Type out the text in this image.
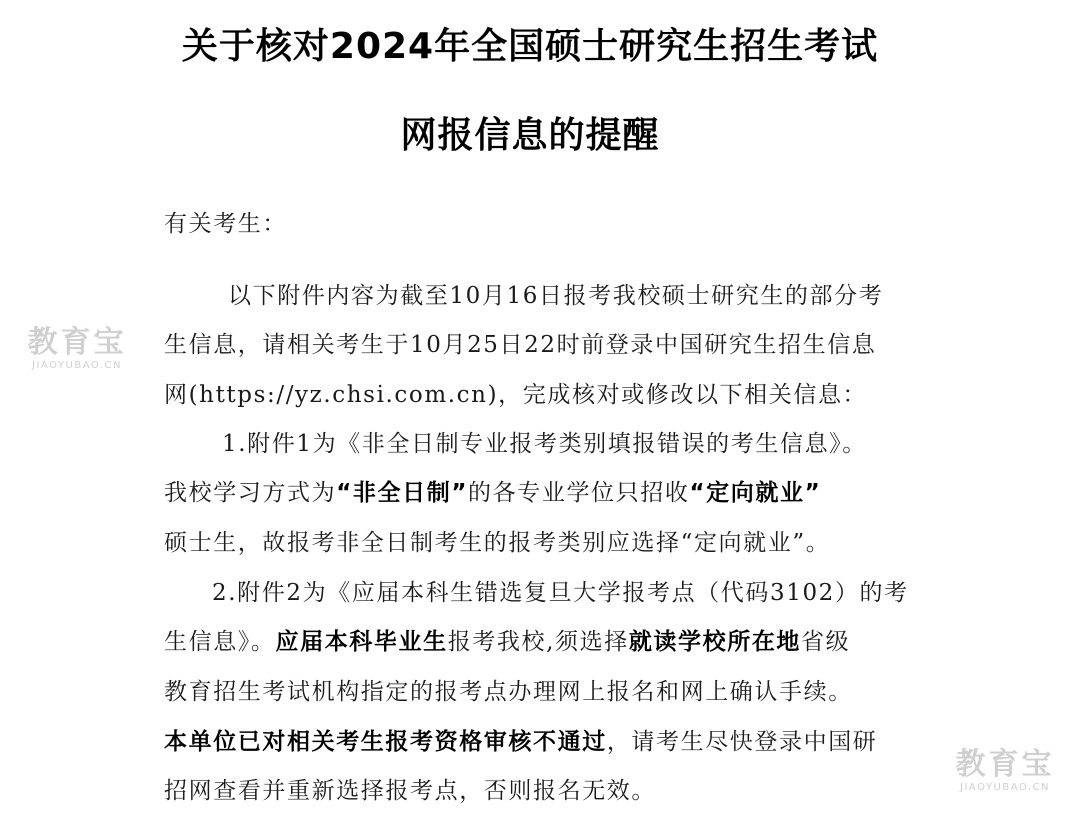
关于核对2024年全国硕士研究生招生考试
网报信息的提醒
有关考生：
以下附件内容为截至10月16日报考我校硕士研究生的部分考
生信息，请相关考生于10月25日22时前登录中国研究生招生信息
网(https://yz.chsi.com.cn)，完成核对或修改以下相关信息：
1.附件1为《非全日制专业报考类别填报错误的考生信息》。
我校学习方式为“非全日制”的各专业学位只招收“定向就业”
硕士生，故报考非全日制考生的报考类别应选择“定向就业”。
2.附件2为《应届本科生错选复旦大学报考点（代码3102）的考
生信息》。应届本科毕业生报考我校,须选择就读学校所在地省级
教育招生考试机构指定的报考点办理网上报名和网上确认手续。
本单位已对相关考生报考资格审核不通过，请考生尽快登录中国研
招网查看并重新选择报考点，否则报名无效。
教育宝
JIAOYUBAO.CN
教育宝
JIAOYUBAO.CN
